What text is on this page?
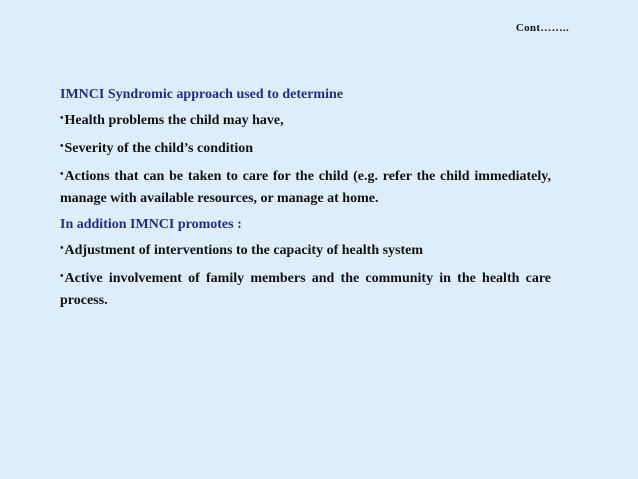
Cont……..

IMNCI Syndromic approach used to determine

•Health problems the child may have,

•Severity of the child’s condition

•Actions that can be taken to care for the child (e.g. refer the child immediately, manage with available resources, or manage at home.

In addition IMNCI promotes :

•Adjustment of interventions to the capacity of health system

•Active involvement of family members and the community in the health care process.
